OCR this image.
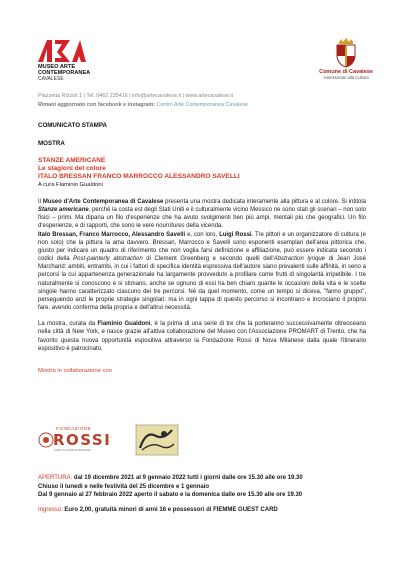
MUSEO ARTE
CONTEMPORANEA
CAVALESE
Comune di Cavalese
Assessorato alla Cultura
Piazzetta Rizzoli 1 | Tel. 0462 235416 | info@artecavalese.it | www.artecavalese.it
Rimani aggiornato con facebook e instagram: Centro Arte Contemporanea Cavalese
COMUNICATO STAMPA
MOSTRA
STANZE AMERICANE
Le stagioni del colore
ITALO BRESSAN FRANCO MARROCCO ALESSANDRO SAVELLI
A cura Flaminio Gualdoni

Il Museo d'Arte Contemporanea di Cavalese presenta una mostra dedicata interamente alla pittura e al colore. Si intitola Stanze americane, perché la costa est degli Stati Uniti e il culturalmente vicino Messico ne sono stati gli scenari – non solo fisici – primi. Ma dipana un filo d'esperienze che ha avuto svolgimenti ben più ampi, mentali più che geografici. Un filo d'esperienze, e di rapporti, che sono le vere nourritures della vicenda.

Italo Bressan, Franco Marrocco, Alessandro Savelli e, con loro, Luigi Rossi. Tre pittori e un organizzatore di cultura (e non solo) che la pittura la ama davvero. Bressan, Marrocco e Savelli sono esponenti esemplari dell'area pittorica che, giusto per indicare un quadro di riferimento che non voglia farsi definizione e affiliazione, può essere indicata secondo i codici della Post-painterly abstraction di Clement Greenberg e secondo quelli dell'Abstraction lyrique di Jean José Marchand: ambiti, entrambi, in cui i fattori di specifica identità espressiva dell'autore siano prevalenti sulle affinità, in seno a percorsi la cui appartenenza generazionale ha largamente provveduto a profilare come frutti di singolarità irripetibile. I tre naturalmente si conoscono e si stimano, anche se ognuno di essi ha ben chiaro quante le occasioni della vita e le scelte singole hanno caratterizzato ciascuno dei tre percorsi. Né da quel momento, come un tempo si diceva, "fanno gruppo", perseguendo anzi le proprie strategie singolari: ma in ogni tappa di questo percorso si incontrano e incrociano il proprio fare, avendo conferma della propria e dell'altrui necessità.

La mostra, curata da Flaminio Gualdoni, è la prima di una serie di tre che la porteranno successivamente oltreoceano nella città di New York, e nasce grazie all'attiva collaborazione del Museo con l'Associazione PROMART di Trento, che ha favorito questa nuova opportunità espositiva attraverso la Fondazione Rossi di Nova Milanese dalla quale l'itinerario espositivo è patrocinato.

Mostra in collaborazione con
FONDAZIONE
ROSSI
ARTE CULTURE WORLDWIDE
APERTURA: dal 19 dicembre 2021 al 9 gennaio 2022 tutti i giorni dalle ore 15.30 alle ore 19.30
Chiuso il lunedì e nelle festività del 25 dicembre e 1 gennaio
Dal 9 gennaio al 27 febbraio 2022 aperto il sabato e la domenica dalle ore 15.30 alle ore 19.30
Ingresso: Euro 2,00, gratuità minori di anni 16 e possessori di FIEMME GUEST CARD
